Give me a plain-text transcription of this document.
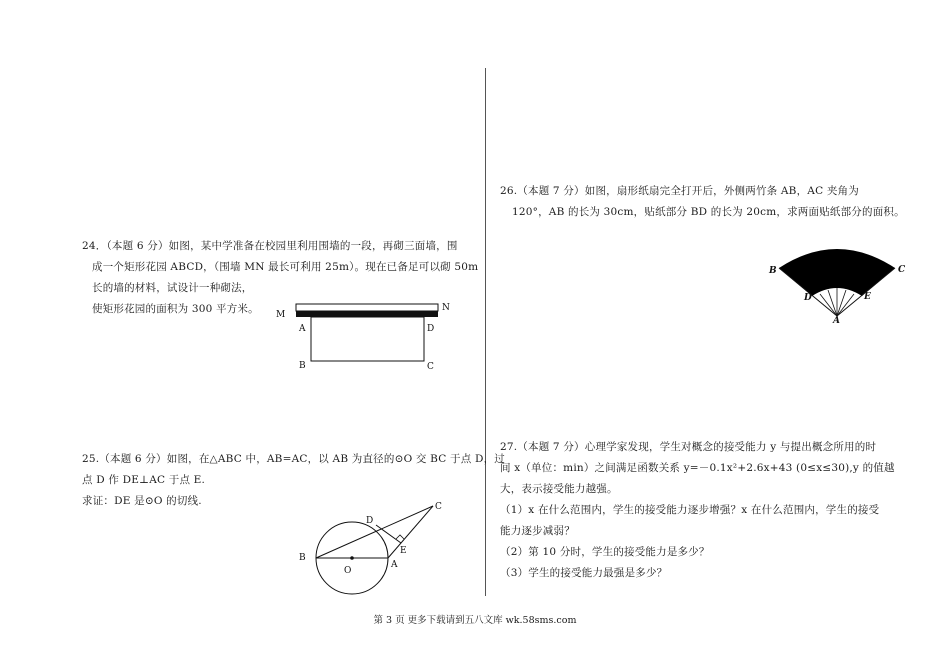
24．（本题 6 分）如图，某中学准备在校园里利用围墙的一段，再砌三面墙，围
成一个矩形花园 ABCD，（围墙 MN 最长可利用 25m）。现在已备足可以砌 50m
长的墙的材料，试设计一种砌法，
使矩形花园的面积为 300 平方米。	M
N
A	D
B	C
25.（本题 6 分）如图，在△ABC 中，AB=AC，以 AB 为直径的⊙O 交 BC 于点 D，过
点 D 作 DE⊥AC 于点 E.
求证：DE 是⊙O 的切线.
B
O
A
D
E
C
26.（本题 7 分）如图，扇形纸扇完全打开后，外侧两竹条 AB，AC 夹角为
120°，AB 的长为 30cm，贴纸部分 BD 的长为 20cm，求两面贴纸部分的面积。
B	C
D	E
A
27.（本题 7 分）心理学家发现，学生对概念的接受能力 y 与提出概念所用的时
间 x（单位：min）之间满足函数关系 y=－0.1x²+2.6x+43 (0≤x≤30),y 的值越
大，表示接受能力越强。
（1）x 在什么范围内，学生的接受能力逐步增强？x 在什么范围内，学生的接受
能力逐步减弱？
（2）第 10 分时，学生的接受能力是多少？
（3）学生的接受能力最强是多少？
第 3 页 更多下载请到五八文库 wk.58sms.com
